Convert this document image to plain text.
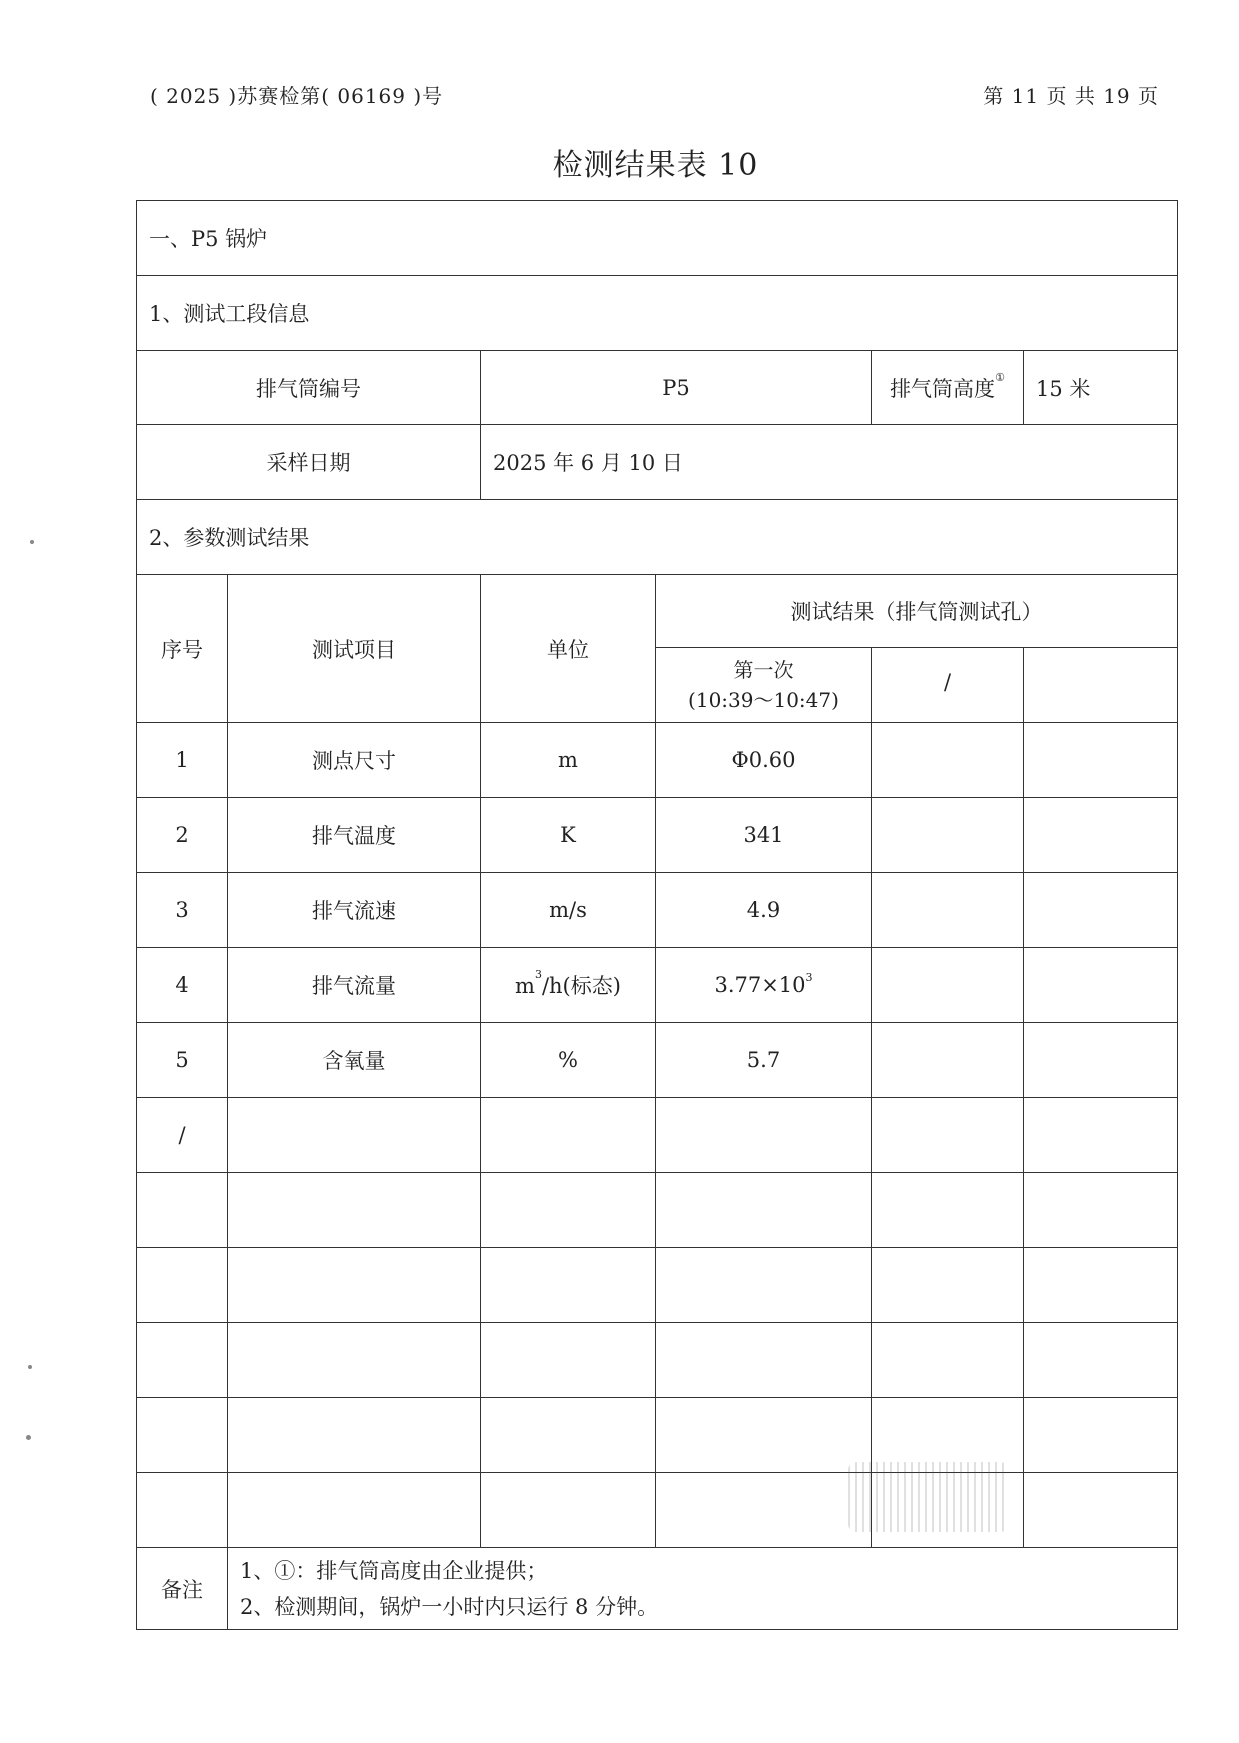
( 2025 )苏赛检第( 06169 )号	第 11 页 共 19 页
检测结果表 10
一、P5 锅炉					
1、测试工段信息					
排气筒编号		P5		排气筒高度①	15 米
采样日期		2025 年 6 月 10 日			
2、参数测试结果					
序号	测试项目	单位	测试结果（排气筒测试孔）		

			第一次
(10:39～10:47)	/	
1	测点尺寸	m	Φ0.60		
2	排气温度	K	341		
3	排气流速	m/s	4.9		
4	排气流量	$m^3/h$(标态)	$3.77\times 10^3$		
5	含氧量	%	5.7		
/					

备注	1、①：排气筒高度由企业提供；
2、检测期间，锅炉一小时内只运行 8 分钟。				
